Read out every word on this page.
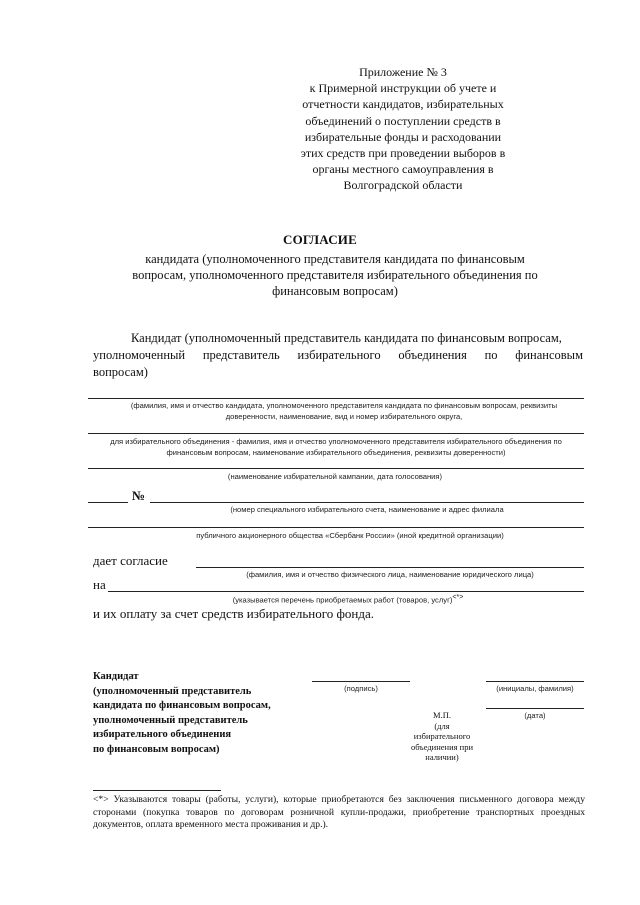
Приложение № 3
к Примерной инструкции об учете и отчетности кандидатов, избирательных объединений о поступлении средств в избирательные фонды и расходовании этих средств при проведении выборов в органы местного самоуправления в Волгоградской области
СОГЛАСИЕ
кандидата (уполномоченного представителя кандидата по финансовым вопросам, уполномоченного представителя избирательного объединения по финансовым вопросам)
Кандидат (уполномоченный представитель кандидата по финансовым вопросам,
уполномоченный представитель избирательного объединения по финансовым
вопросам)
(фамилия, имя и отчество кандидата, уполномоченного представителя кандидата по финансовым вопросам, реквизиты доверенности, наименование, вид и номер избирательного округа,
для избирательного объединения - фамилия, имя и отчество уполномоченного представителя избирательного объединения по финансовым вопросам, наименование избирательного объединения, реквизиты доверенности)
(наименование избирательной кампании, дата голосования)
№
(номер специального избирательного счета, наименование и адрес филиала
публичного акционерного общества «Сбербанк России» (иной кредитной организации)
дает согласие
(фамилия, имя и отчество физического лица, наименование юридического лица)
на
(указывается перечень приобретаемых работ (товаров, услуг)<*>
и их оплату за счет средств избирательного фонда.
Кандидат
(уполномоченный представитель
кандидата по финансовым вопросам,
уполномоченный представитель
избирательного объединения
по финансовым вопросам)
(подпись)	(инициалы, фамилия)
(дата)
М.П.
(для
избирательного
объединения при
наличии)
<*> Указываются товары (работы, услуги), которые приобретаются без заключения письменного договора между сторонами (покупка товаров по договорам розничной купли-продажи, приобретение транспортных проездных документов, оплата временного места проживания и др.).
